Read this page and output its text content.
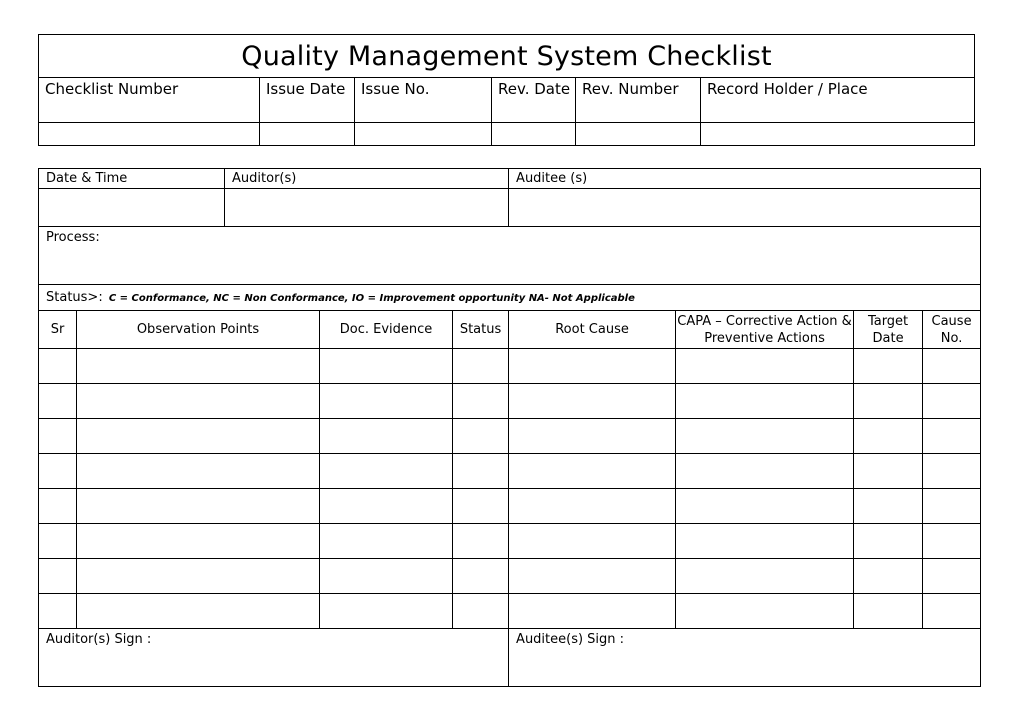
Quality Management System Checklist					
Checklist Number	Issue Date	Issue No.	Rev. Date	Rev. Number	Record Holder / Place

Date & Time		Auditor(s)			Auditee (s)			

Process:								
Status>: C = Conformance, NC = Non Conformance, IO = Improvement opportunity NA- Not Applicable								
Sr	Observation Points		Doc. Evidence	Status	Root Cause	CAPA – Corrective Action & Preventive Actions	Target Date	Cause No.

Auditor(s) Sign :					Auditee(s) Sign :			
